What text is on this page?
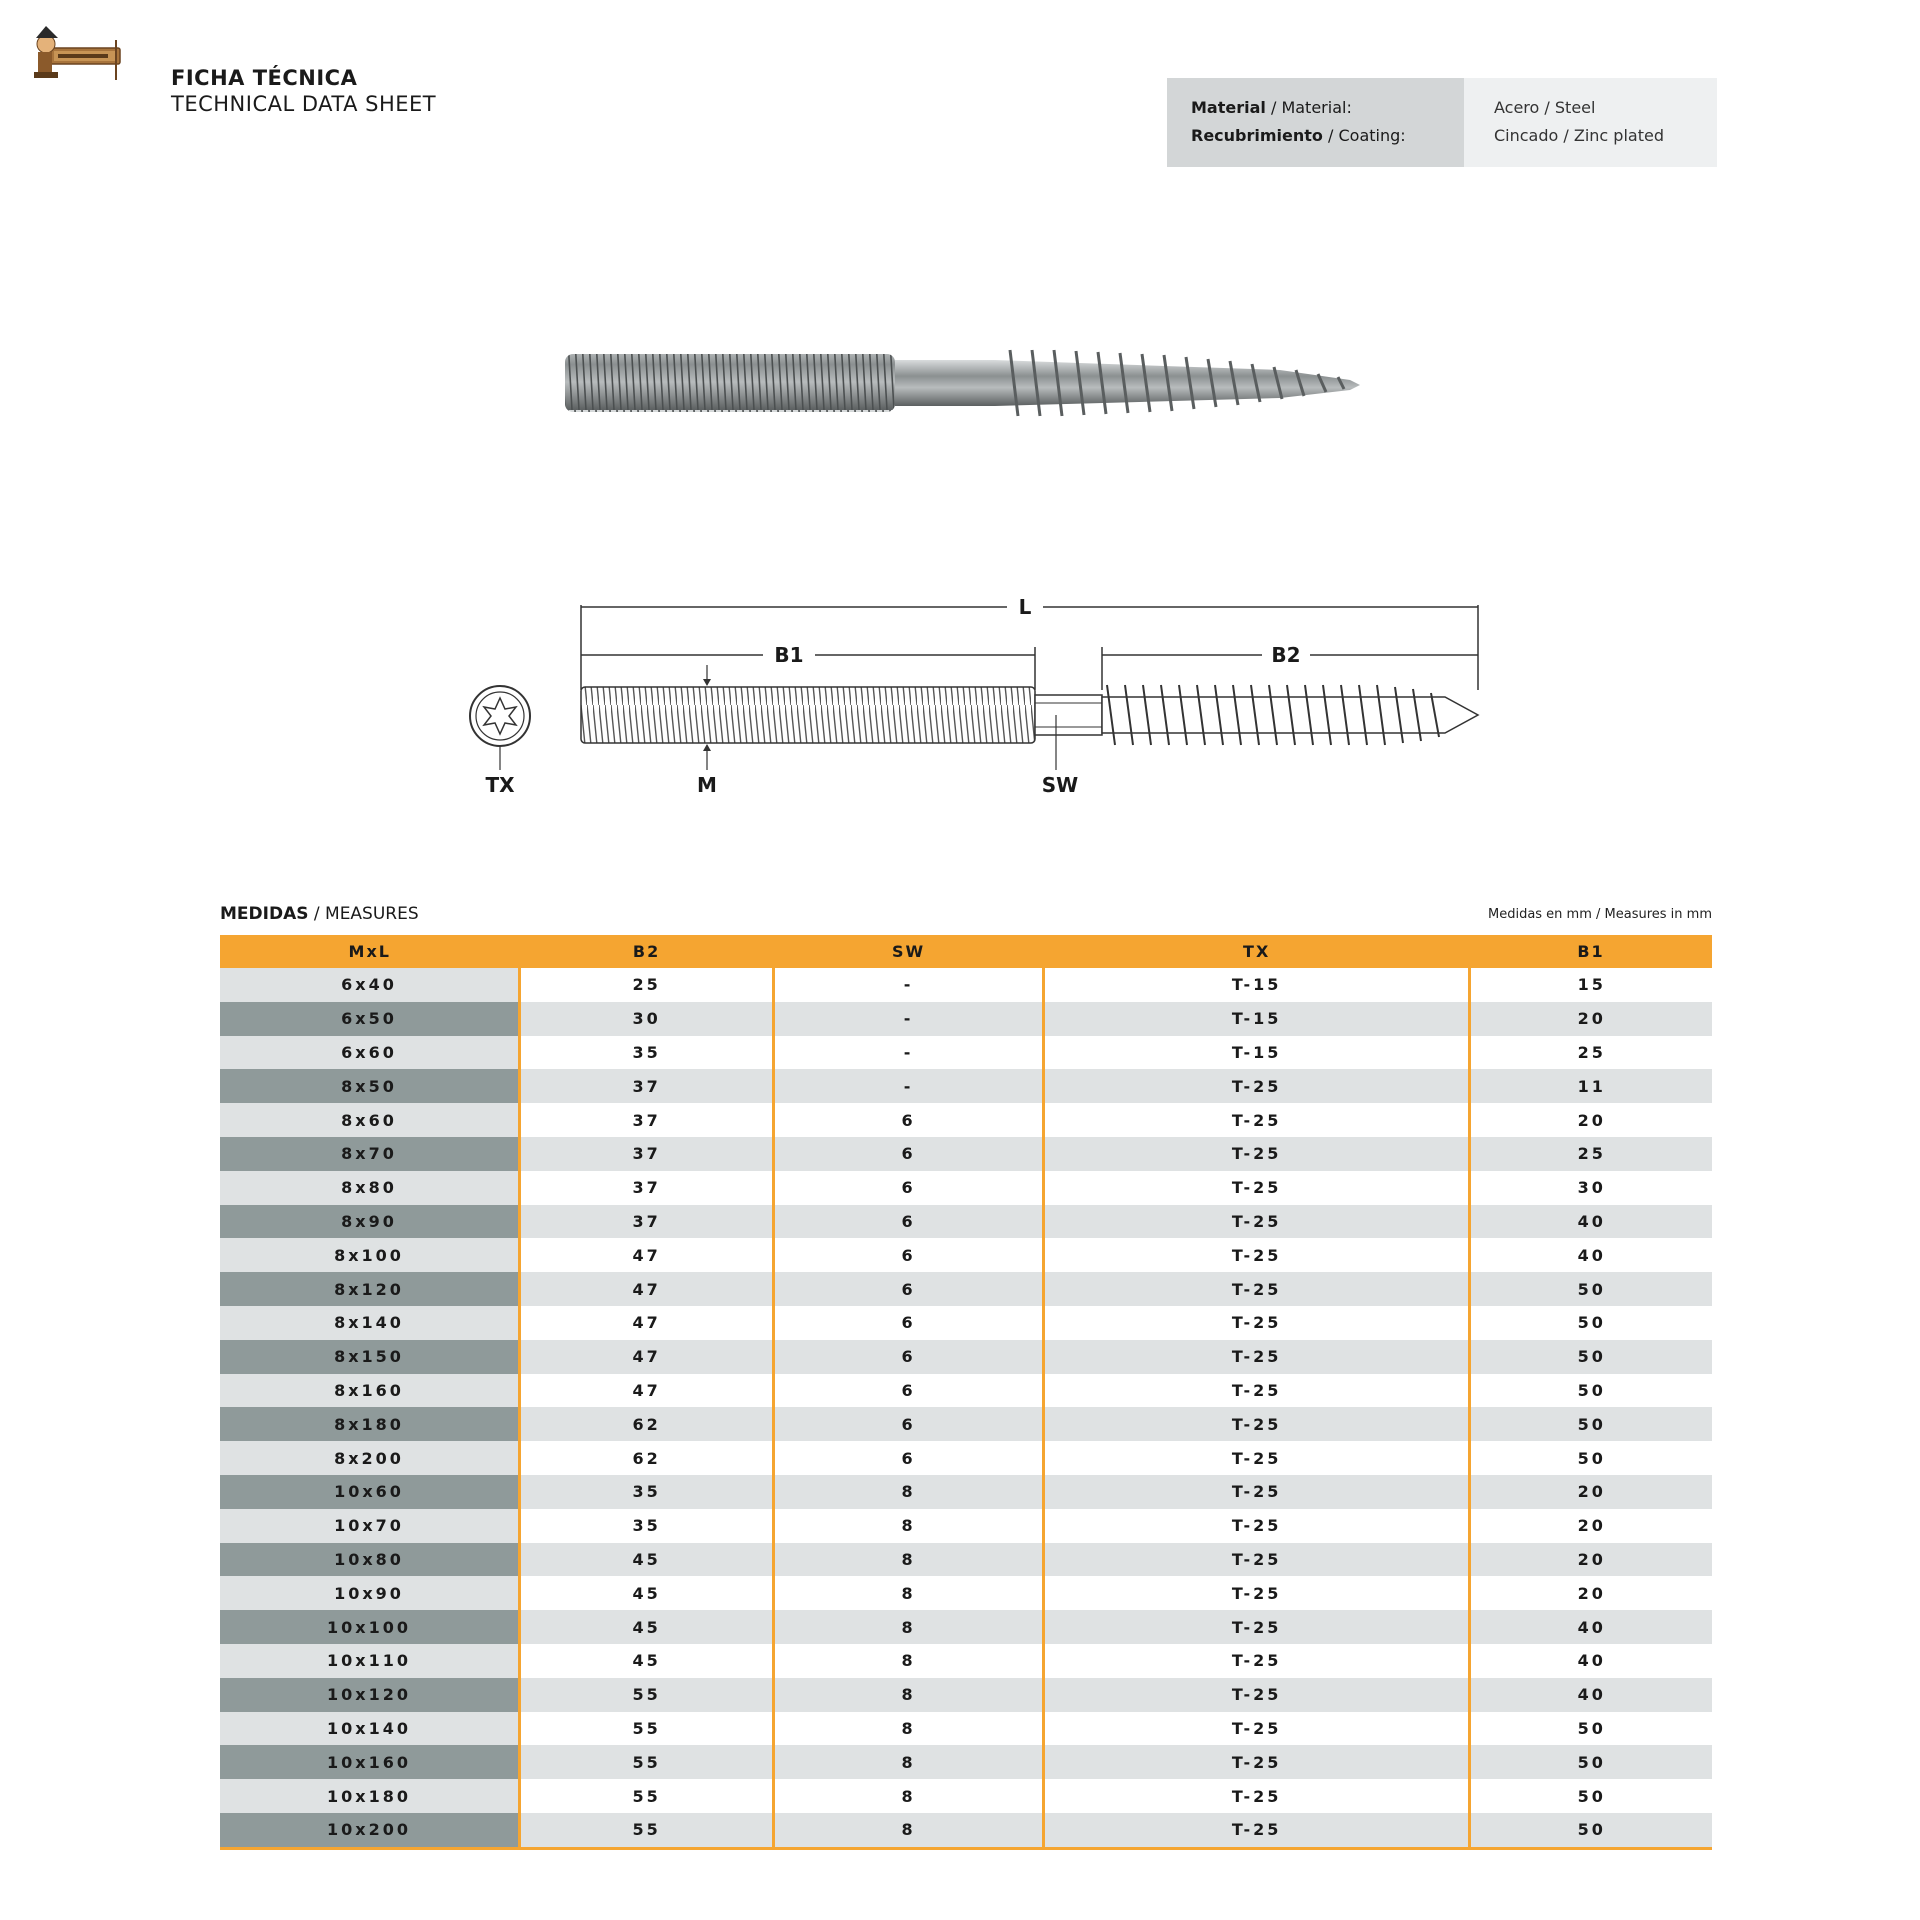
FICHA TÉCNICA
TECHNICAL DATA SHEET	Material / Material:
Recubrimiento / Coating:
Acero / Steel
Cincado / Zinc plated
L
B1	B2
TX	M	SW
MEDIDAS / MEASURES	Medidas en mm / Measures in mm
MxL	B2	SW	TX	B1
6x40	25	-	T-15	15
6x50	30	-	T-15	20
6x60	35	-	T-15	25
8x50	37	-	T-25	11
8x60	37	6	T-25	20
8x70	37	6	T-25	25
8x80	37	6	T-25	30
8x90	37	6	T-25	40
8x100	47	6	T-25	40
8x120	47	6	T-25	50
8x140	47	6	T-25	50
8x150	47	6	T-25	50
8x160	47	6	T-25	50
8x180	62	6	T-25	50
8x200	62	6	T-25	50
10x60	35	8	T-25	20
10x70	35	8	T-25	20
10x80	45	8	T-25	20
10x90	45	8	T-25	20
10x100	45	8	T-25	40
10x110	45	8	T-25	40
10x120	55	8	T-25	40
10x140	55	8	T-25	50
10x160	55	8	T-25	50
10x180	55	8	T-25	50
10x200	55	8	T-25	50
